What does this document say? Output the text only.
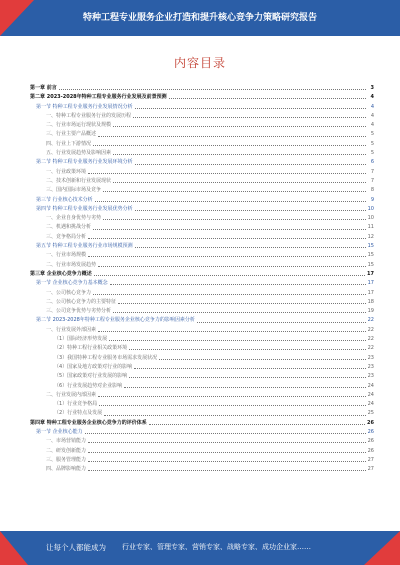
特种工程专业服务企业打造和提升核心竞争力策略研究报告
内容目录
第一章 前言	3
第二章 2023-2028年特种工程专业服务行业发展及前景预测	4
第一节 特种工程专业服务行业发展情况分析	4
一、特种工程专业服务行业的发展历程	4
二、行业市场运行现状及规模	4
三、行业主要产品概述	5
四、行业上下游情况	5
五、行业发展趋势及影响因素	5
第二节 特种工程专业服务行业发展环境分析	6
一、行业政策环境	7
二、技术创新和行业发展现状	7
三、国内国际市场及竞争	8
第三节 行业核心技术分析	9
第四节 特种工程专业服务行业发展优势分析	10
一、企业自身优势与劣势	10
二、机遇和挑战分析	11
三、竞争格局分析	12
第五节 特种工程专业服务行业市场规模预测	15
一、行业市场规模	15
二、行业市场发展趋势	15
第三章 企业核心竞争力概述	17
第一节 企业核心竞争力基本概念	17
一、公司核心竞争力	17
二、公司核心竞争力的主要特征	18
三、公司竞争优势与劣势分析	19
第二节 2023-2028年特种工程专业服务企业核心竞争力的影响因素分析	22
一、行业发展外部因素	22
（1）国际经济形势发展	22
（2）特种工程行业相关政策环境	22
（3）我国特种工程专业服务市场需求发展状况	23
（4）国家及地方政策对行业的影响	23
（5）国家政策对行业发展的影响	23
（6）行业发展趋势对企业影响	24
二、行业发展内部因素	24
（1）行业竞争格局	24
（2）行业特点及发展	25
第四章 特种工程专业服务企业核心竞争力的评价体系	26
第一节 企业核心能力	26
一、市场营销能力	26
二、研发创新能力	26
三、服务管理能力	27
四、品牌影响能力	27
让每个人都能成为 行业专家、管理专家、营销专家、战略专家、成功企业家……
